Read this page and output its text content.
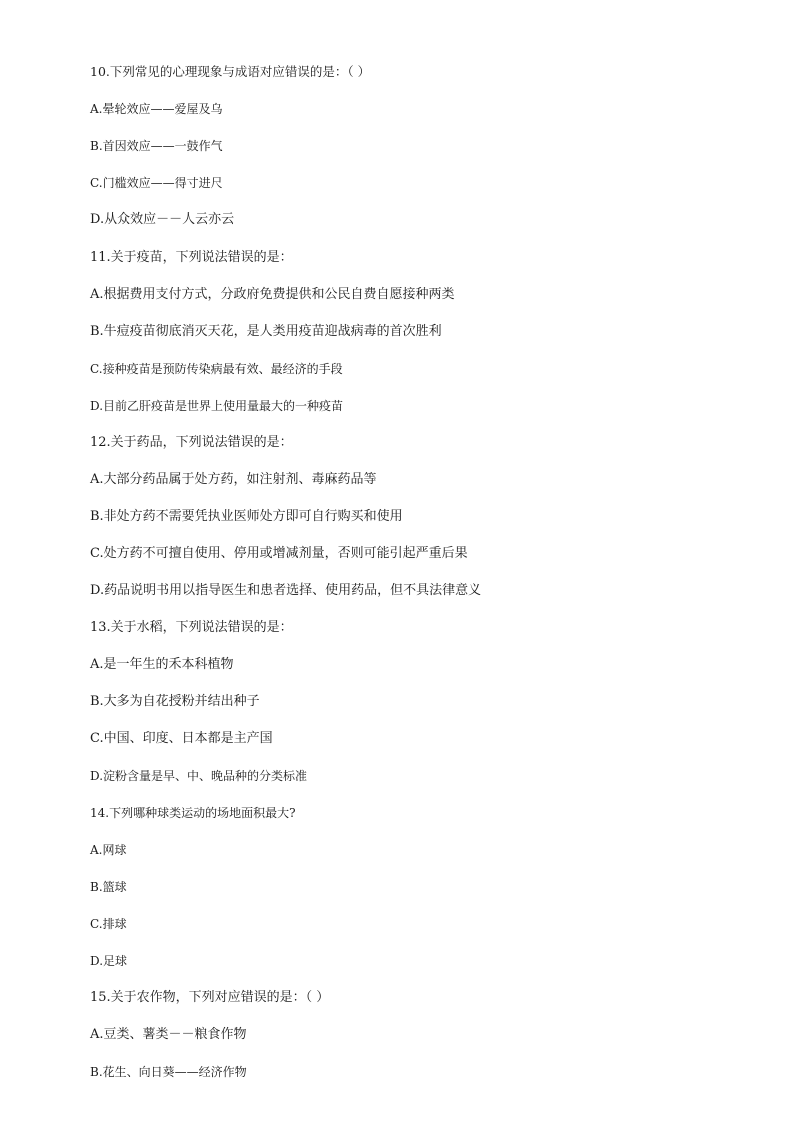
10.下列常见的心理现象与成语对应错误的是：（ ）
A.晕轮效应——爱屋及乌
B.首因效应——一鼓作气
C.门槛效应——得寸进尺
D.从众效应－－人云亦云
11.关于疫苗，下列说法错误的是：
A.根据费用支付方式，分政府免费提供和公民自费自愿接种两类
B.牛痘疫苗彻底消灭天花，是人类用疫苗迎战病毒的首次胜利
C.接种疫苗是预防传染病最有效、最经济的手段
D.目前乙肝疫苗是世界上使用量最大的一种疫苗
12.关于药品，下列说法错误的是：
A.大部分药品属于处方药，如注射剂、毒麻药品等
B.非处方药不需要凭执业医师处方即可自行购买和使用
C.处方药不可擅自使用、停用或增减剂量，否则可能引起严重后果
D.药品说明书用以指导医生和患者选择、使用药品，但不具法律意义
13.关于水稻，下列说法错误的是：
A.是一年生的禾本科植物
B.大多为自花授粉并结出种子
C.中国、印度、日本都是主产国
D.淀粉含量是早、中、晚品种的分类标准
14.下列哪种球类运动的场地面积最大?
A.网球
B.篮球
C.排球
D.足球
15.关于农作物，下列对应错误的是：（ ）
A.豆类、薯类－－粮食作物
B.花生、向日葵——经济作物
